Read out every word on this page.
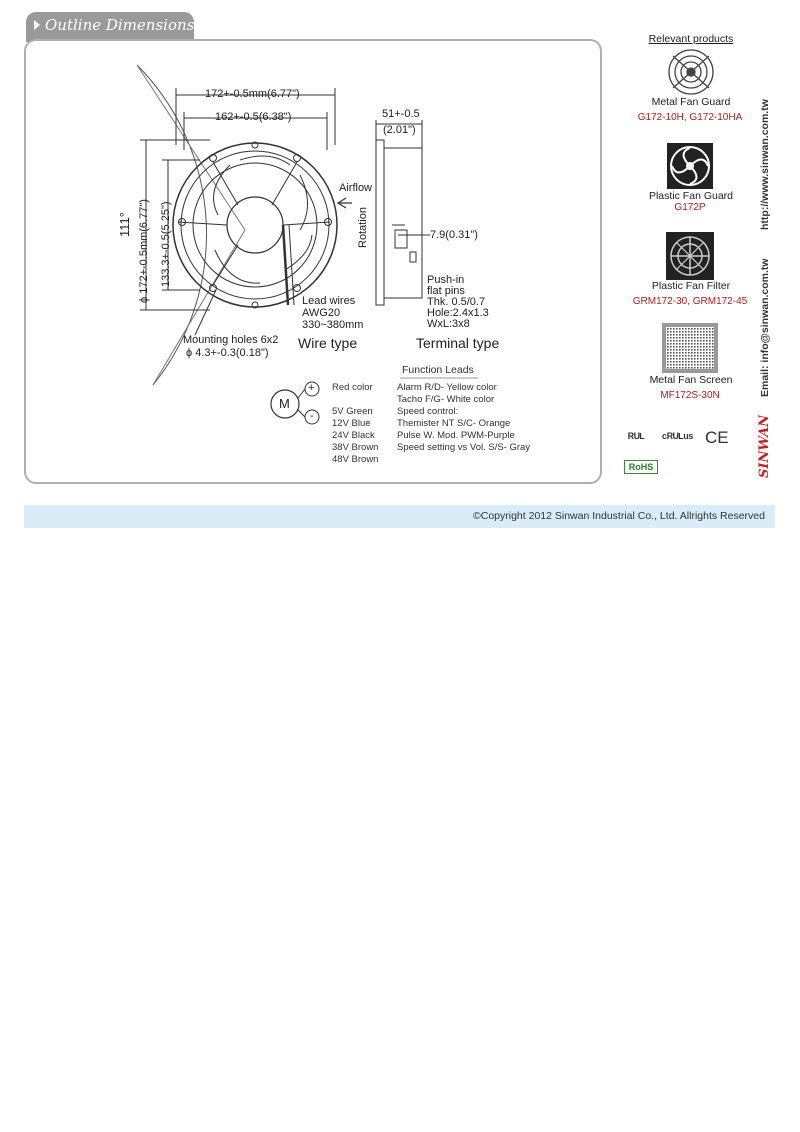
Outline Dimensions
172+-0.5mm(6.77")
162+-0.5(6.38")	51+-0.5
(2.01")
7.9(0.31")
Airflow
111° ϕ 172+-0.5mm(6.77") 133.3+-0.5(5.25")	Rotation
Mounting holes 6x2
ϕ 4.3+-0.3(0.18")
Lead wires
AWG20
330~380mm
Wire type
Push-in
flat pins
Thk. 0.5/0.7
Hole:2.4x1.3
WxL:3x8
Terminal type
Function Leads
M
+
-
Red color
5V Green
12V Blue
24V Black
38V Brown
48V Brown
Alarm R/D- Yellow color
Tacho F/G- White color
Speed control:
Themister NT S/C- Orange
Pulse W. Mod. PWM-Purple
Speed setting vs Vol. S/S- Gray
Relevant products
Metal Fan Guard
G172-10H, G172-10HA
Plastic Fan Guard
G172P
Plastic Fan Filter
GRM172-30, GRM172-45
Metal Fan Screen
MF172S-30N
ᴿᵁᴸ ᶜᴿᵁᴸᵘˢ CE
RoHS
http://www.sinwan.com.tw
Email: info@sinwan.com.tw
SINWAN
©Copyright 2012 Sinwan Industrial Co., Ltd. Allrights Reserved
